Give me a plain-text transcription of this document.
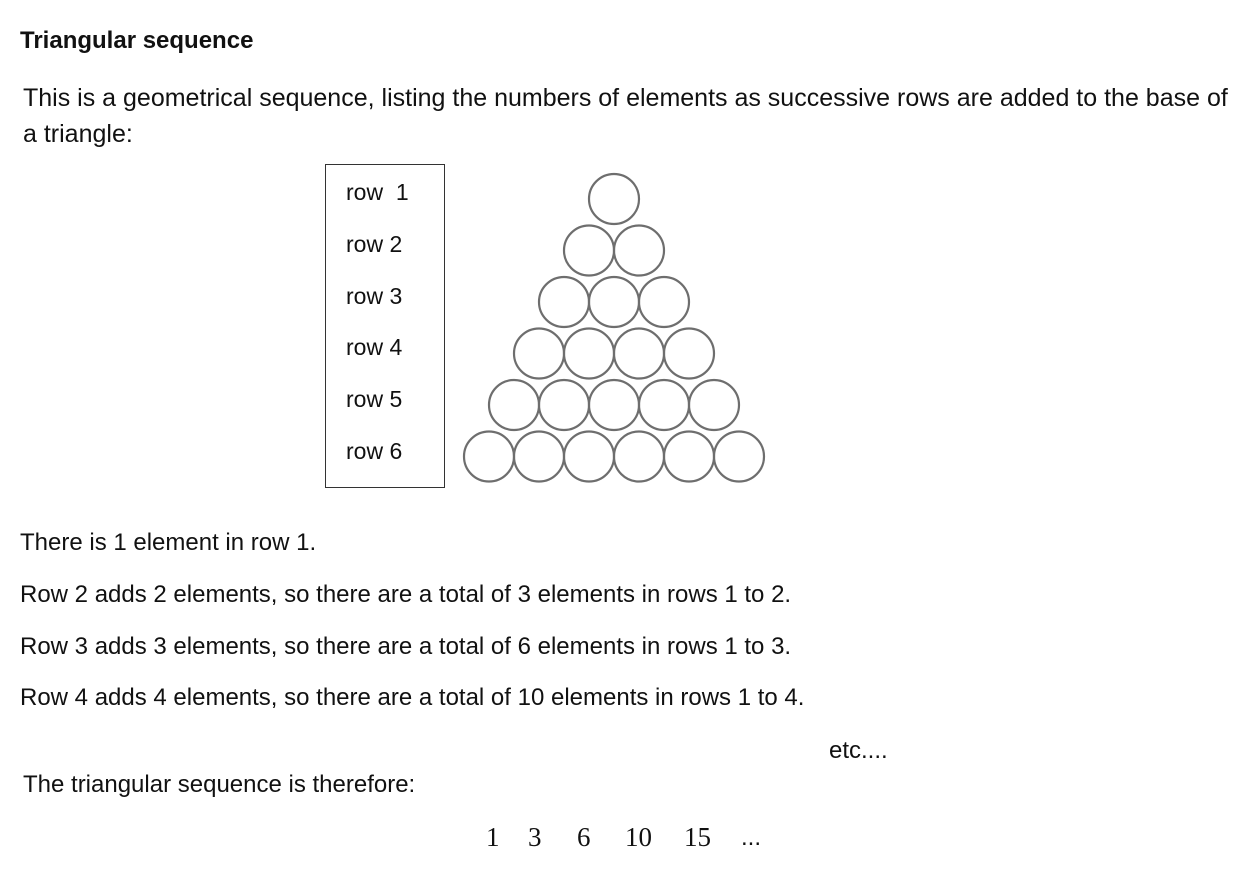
Triangular sequence
This is a geometrical sequence, listing the numbers of elements as successive rows are added to the base of a triangle:
row  1
row 2
row 3
row 4
row 5
row 6
There is 1 element in row 1.
Row 2 adds 2 elements, so there are a total of 3 elements in rows 1 to 2.
Row 3 adds 3 elements, so there are a total of 6 elements in rows 1 to 3.
Row 4 adds 4 elements, so there are a total of 10 elements in rows 1 to 4.
etc....
The triangular sequence is therefore:
1 3 6 10 15 ...
